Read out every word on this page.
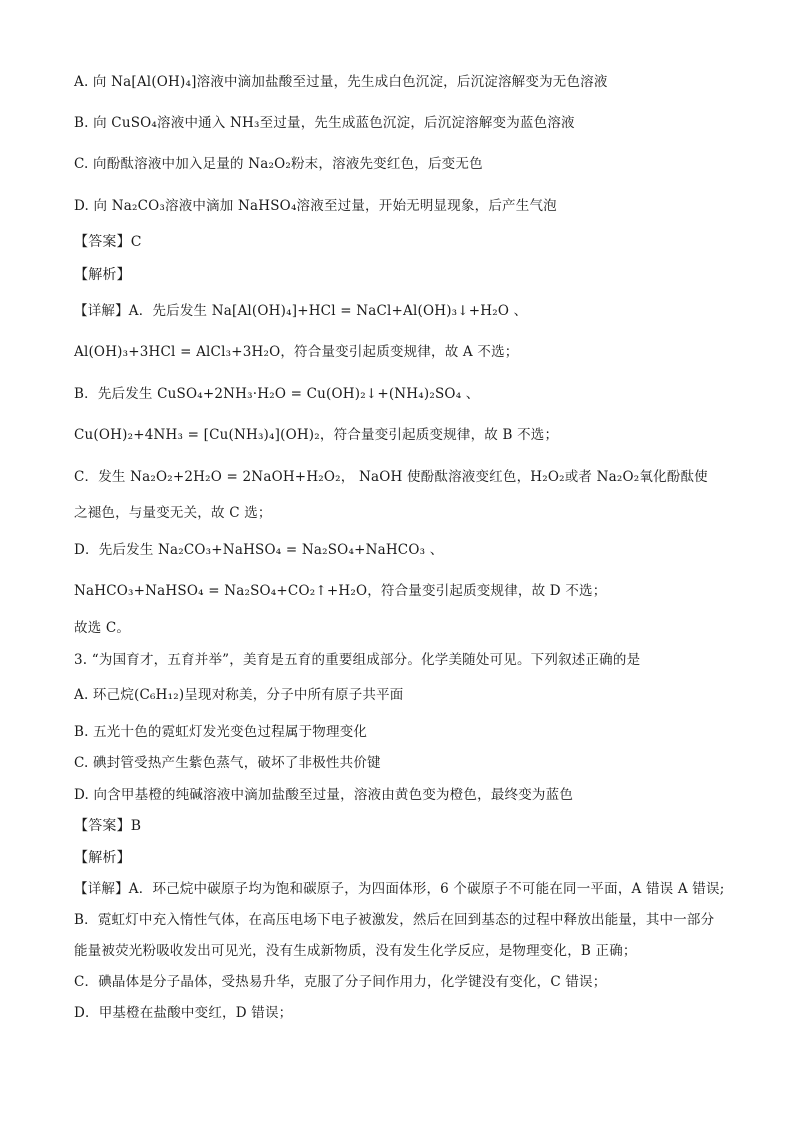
A. 向 Na[Al(OH)₄]溶液中滴加盐酸至过量，先生成白色沉淀，后沉淀溶解变为无色溶液
B. 向 CuSO₄溶液中通入 NH₃至过量，先生成蓝色沉淀，后沉淀溶解变为蓝色溶液
C. 向酚酞溶液中加入足量的 Na₂O₂粉末，溶液先变红色，后变无色
D. 向 Na₂CO₃溶液中滴加 NaHSO₄溶液至过量，开始无明显现象，后产生气泡
【答案】C
【解析】
【详解】A．先后发生 Na[Al(OH)₄]+HCl = NaCl+Al(OH)₃↓+H₂O 、
Al(OH)₃+3HCl = AlCl₃+3H₂O，符合量变引起质变规律，故 A 不选；
B．先后发生 CuSO₄+2NH₃·H₂O = Cu(OH)₂↓+(NH₄)₂SO₄ 、
Cu(OH)₂+4NH₃ = [Cu(NH₃)₄](OH)₂，符合量变引起质变规律，故 B 不选；
C．发生 Na₂O₂+2H₂O = 2NaOH+H₂O₂， NaOH 使酚酞溶液变红色，H₂O₂或者 Na₂O₂氧化酚酞使
之褪色，与量变无关，故 C 选；
D．先后发生 Na₂CO₃+NaHSO₄ = Na₂SO₄+NaHCO₃ 、
NaHCO₃+NaHSO₄ = Na₂SO₄+CO₂↑+H₂O，符合量变引起质变规律，故 D 不选；
故选 C。
3. “为国育才，五育并举”，美育是五育的重要组成部分。化学美随处可见。下列叙述正确的是
A. 环己烷(C₆H₁₂)呈现对称美，分子中所有原子共平面
B. 五光十色的霓虹灯发光变色过程属于物理变化
C. 碘封管受热产生紫色蒸气，破坏了非极性共价键
D. 向含甲基橙的纯碱溶液中滴加盐酸至过量，溶液由黄色变为橙色，最终变为蓝色
【答案】B
【解析】
【详解】A．环己烷中碳原子均为饱和碳原子，为四面体形，6 个碳原子不可能在同一平面，A 错误 A 错误;
B．霓虹灯中充入惰性气体，在高压电场下电子被激发，然后在回到基态的过程中释放出能量，其中一部分
能量被荧光粉吸收发出可见光，没有生成新物质，没有发生化学反应，是物理变化，B 正确；
C．碘晶体是分子晶体，受热易升华，克服了分子间作用力，化学键没有变化，C 错误；
D．甲基橙在盐酸中变红，D 错误；
